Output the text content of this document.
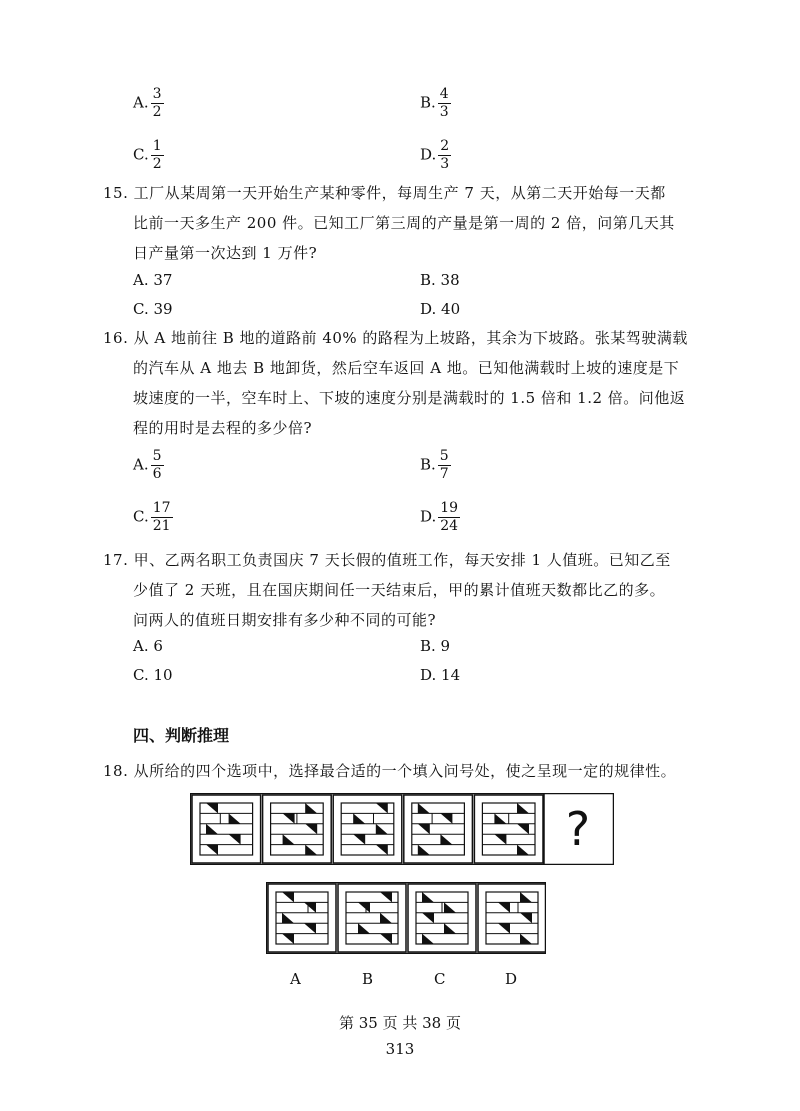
A. $\frac{3}{2}$	B. $\frac{4}{3}$
C. $\frac{1}{2}$	D. $\frac{2}{3}$
15. 工厂从某周第一天开始生产某种零件，每周生产 7 天，从第二天开始每一天都
比前一天多生产 200 件。已知工厂第三周的产量是第一周的 2 倍，问第几天其
日产量第一次达到 1 万件?
A. 37	B. 38
C. 39	D. 40
16. 从 A 地前往 B 地的道路前 40% 的路程为上坡路，其余为下坡路。张某驾驶满载
的汽车从 A 地去 B 地卸货，然后空车返回 A 地。已知他满载时上坡的速度是下
坡速度的一半，空车时上、下坡的速度分别是满载时的 1.5 倍和 1.2 倍。问他返
程的用时是去程的多少倍?
A. $\frac{5}{6}$	B. $\frac{5}{7}$
C. $\frac{17}{21}$	D. $\frac{19}{24}$
17. 甲、乙两名职工负责国庆 7 天长假的值班工作，每天安排 1 人值班。已知乙至
少值了 2 天班，且在国庆期间任一天结束后，甲的累计值班天数都比乙的多。
问两人的值班日期安排有多少种不同的可能?
A. 6	B. 9
C. 10	D. 14
四、判断推理
18. 从所给的四个选项中，选择最合适的一个填入问号处，使之呈现一定的规律性。
?
A	B	C	D
第 35 页 共 38 页
313
